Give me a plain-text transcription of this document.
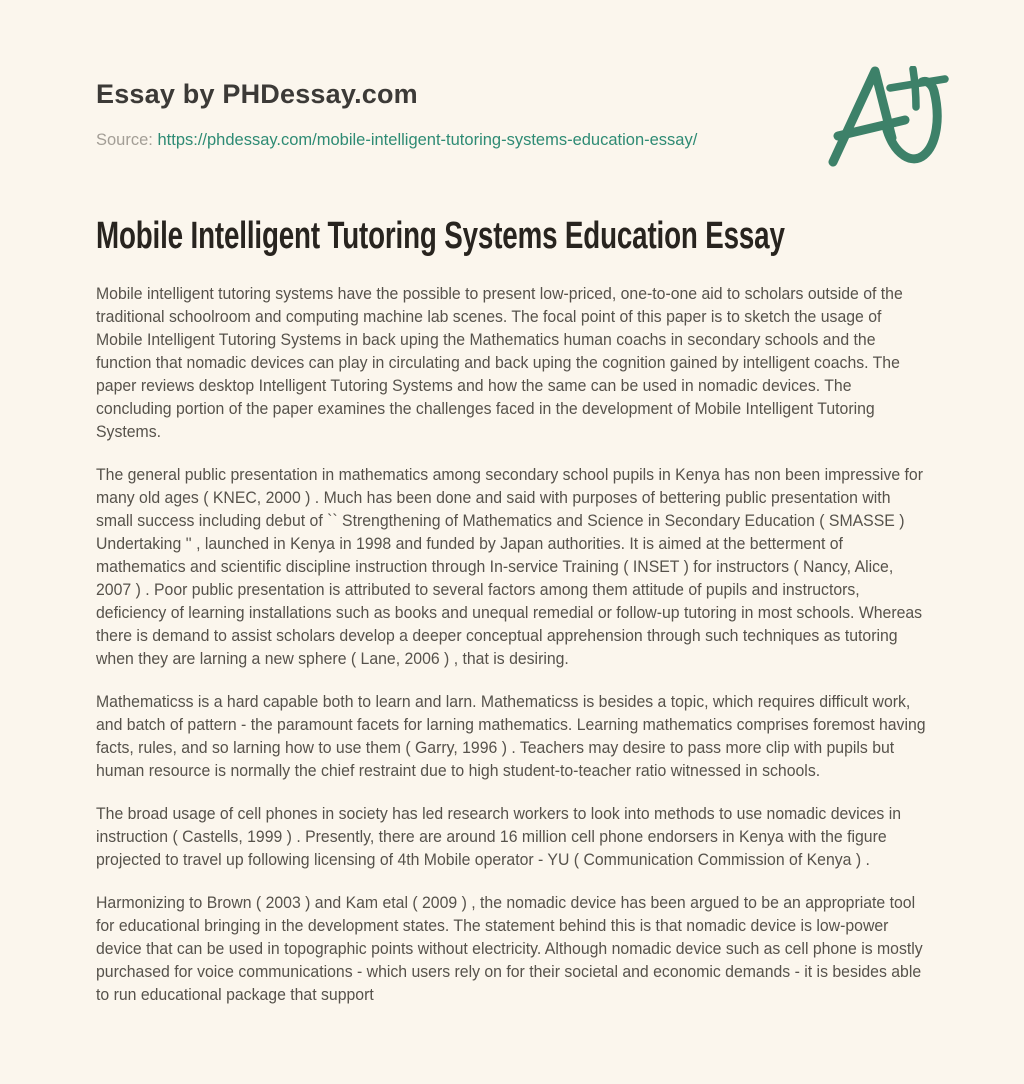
Essay by PHDessay.com
Source: https://phdessay.com/mobile-intelligent-tutoring-systems-education-essay/
Mobile Intelligent Tutoring Systems Education Essay

Mobile intelligent tutoring systems have the possible to present low-priced, one-to-one aid to scholars outside of the traditional schoolroom and computing machine lab scenes. The focal point of this paper is to sketch the usage of Mobile Intelligent Tutoring Systems in back uping the Mathematics human coachs in secondary schools and the function that nomadic devices can play in circulating and back uping the cognition gained by intelligent coachs. The paper reviews desktop Intelligent Tutoring Systems and how the same can be used in nomadic devices. The concluding portion of the paper examines the challenges faced in the development of Mobile Intelligent Tutoring Systems.

The general public presentation in mathematics among secondary school pupils in Kenya has non been impressive for many old ages ( KNEC, 2000 ) . Much has been done and said with purposes of bettering public presentation with small success including debut of `` Strengthening of Mathematics and Science in Secondary Education ( SMASSE ) Undertaking '' , launched in Kenya in 1998 and funded by Japan authorities. It is aimed at the betterment of mathematics and scientific discipline instruction through In-service Training ( INSET ) for instructors ( Nancy, Alice, 2007 ) . Poor public presentation is attributed to several factors among them attitude of pupils and instructors, deficiency of learning installations such as books and unequal remedial or follow-up tutoring in most schools. Whereas there is demand to assist scholars develop a deeper conceptual apprehension through such techniques as tutoring when they are larning a new sphere ( Lane, 2006 ) , that is desiring.

Mathematicss is a hard capable both to learn and larn. Mathematicss is besides a topic, which requires difficult work, and batch of pattern - the paramount facets for larning mathematics. Learning mathematics comprises foremost having facts, rules, and so larning how to use them ( Garry, 1996 ) . Teachers may desire to pass more clip with pupils but human resource is normally the chief restraint due to high student-to-teacher ratio witnessed in schools.

The broad usage of cell phones in society has led research workers to look into methods to use nomadic devices in instruction ( Castells, 1999 ) . Presently, there are around 16 million cell phone endorsers in Kenya with the figure projected to travel up following licensing of 4th Mobile operator - YU ( Communication Commission of Kenya ) .

Harmonizing to Brown ( 2003 ) and Kam etal ( 2009 ) , the nomadic device has been argued to be an appropriate tool for educational bringing in the development states. The statement behind this is that nomadic device is low-power device that can be used in topographic points without electricity. Although nomadic device such as cell phone is mostly purchased for voice communications - which users rely on for their societal and economic demands - it is besides able to run educational package that support
